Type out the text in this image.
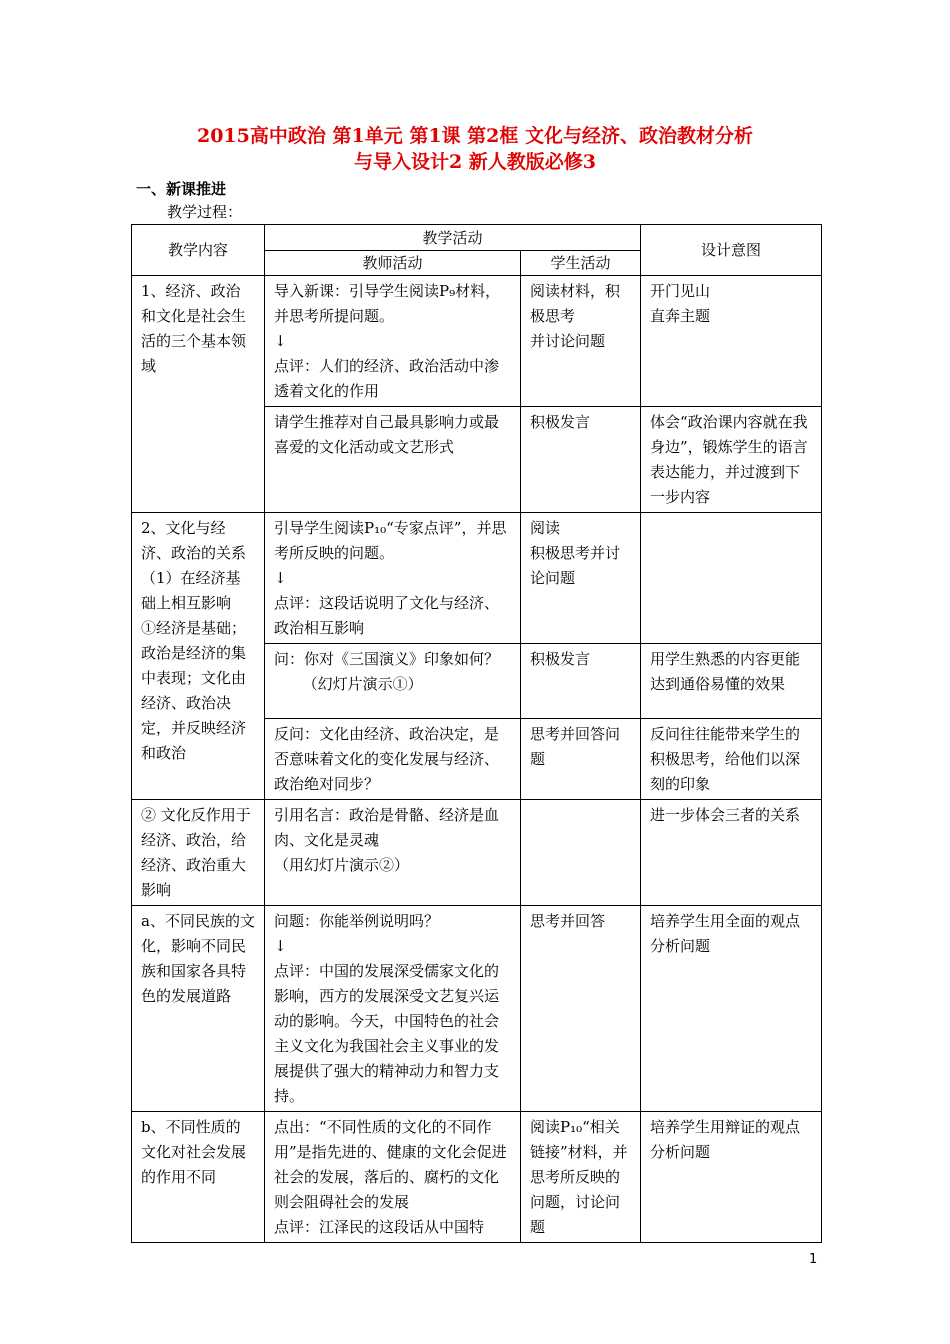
2015高中政治 第1单元 第1课 第2框 文化与经济、政治教材分析
与导入设计2 新人教版必修3
一、新课推进
教学过程：
教学内容	教学活动		设计意图
	教师活动	学生活动	

1、经济、政治和文化是社会生活的三个基本领域	导入新课：引导学生阅读P₉材料，并思考所提问题。
↓
点评：人们的经济、政治活动中渗透着文化的作用	阅读材料，积极思考
并讨论问题	开门见山
直奔主题

	请学生推荐对自己最具影响力或最喜爱的文化活动或文艺形式	积极发言	体会“政治课内容就在我身边”，锻炼学生的语言表达能力，并过渡到下一步内容

2、文化与经济、政治的关系
（1）在经济基础上相互影响
①经济是基础；政治是经济的集中表现；文化由经济、政治决定，并反映经济和政治	引导学生阅读P₁₀“专家点评”，并思考所反映的问题。
↓
点评：这段话说明了文化与经济、政治相互影响	阅读
积极思考并讨论问题	

	问：你对《三国演义》印象如何？
（幻灯片演示①）	积极发言	用学生熟悉的内容更能达到通俗易懂的效果

	反问：文化由经济、政治决定，是否意味着文化的变化发展与经济、政治绝对同步？	思考并回答问题	反问往往能带来学生的积极思考，给他们以深刻的印象

② 文化反作用于经济、政治，给经济、政治重大影响	引用名言：政治是骨骼、经济是血肉、文化是灵魂
（用幻灯片演示②）		进一步体会三者的关系

a、不同民族的文化，影响不同民族和国家各具特色的发展道路	问题：你能举例说明吗？
↓
点评：中国的发展深受儒家文化的影响，西方的发展深受文艺复兴运动的影响。今天，中国特色的社会主义文化为我国社会主义事业的发展提供了强大的精神动力和智力支持。	思考并回答	培养学生用全面的观点分析问题

b、不同性质的文化对社会发展的作用不同	点出：“不同性质的文化的不同作用”是指先进的、健康的文化会促进社会的发展，落后的、腐朽的文化则会阻碍社会的发展
点评：江泽民的这段话从中国特	阅读P₁₀“相关链接”材料，并思考所反映的问题，讨论问题	培养学生用辩证的观点分析问题
1
